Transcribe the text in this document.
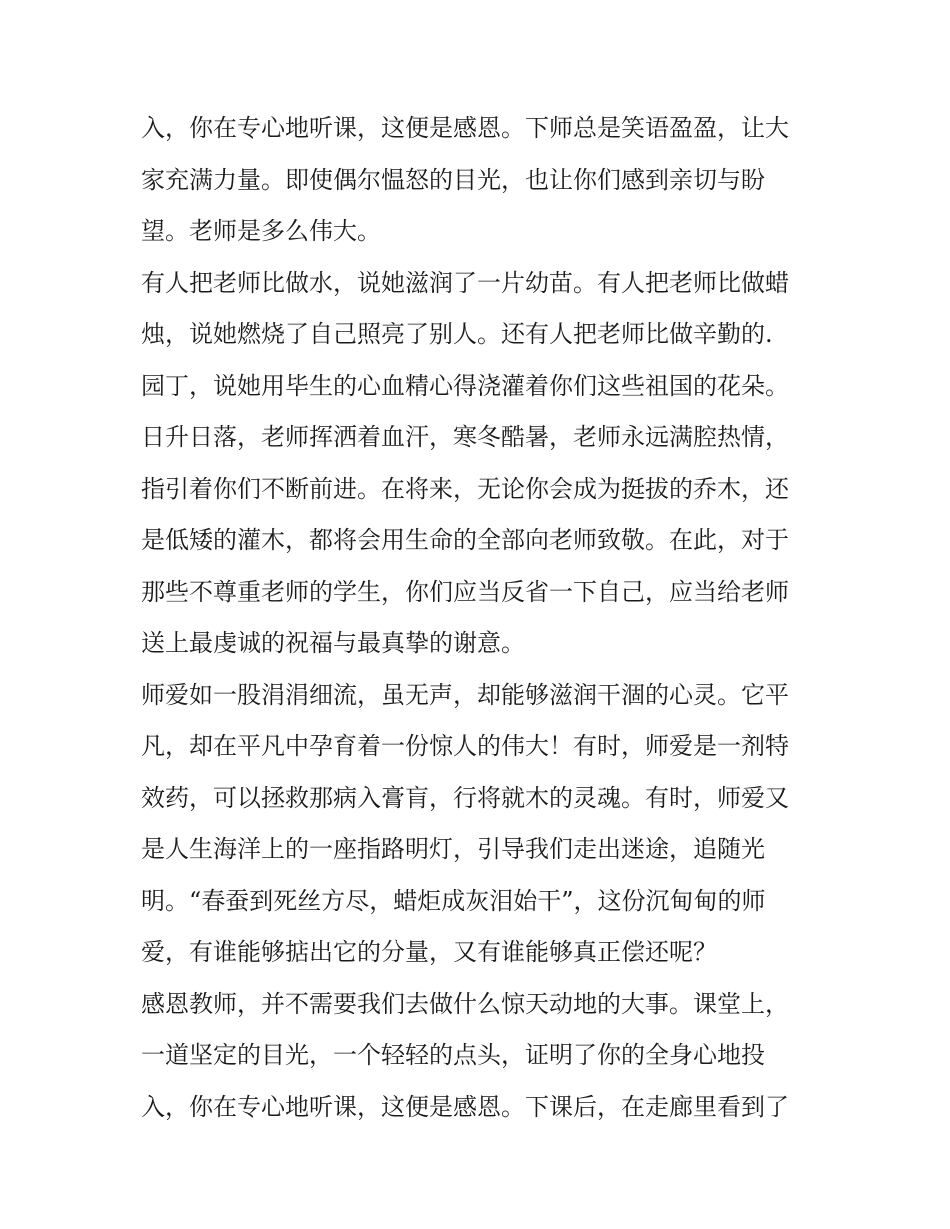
入，你在专心地听课，这便是感恩。下师总是笑语盈盈，让大
家充满力量。即使偶尔愠怒的目光，也让你们感到亲切与盼
望。老师是多么伟大。
有人把老师比做水，说她滋润了一片幼苗。有人把老师比做蜡
烛，说她燃烧了自己照亮了别人。还有人把老师比做辛勤的.
园丁，说她用毕生的心血精心得浇灌着你们这些祖国的花朵。
日升日落，老师挥洒着血汗，寒冬酷暑，老师永远满腔热情，
指引着你们不断前进。在将来，无论你会成为挺拔的乔木，还
是低矮的灌木，都将会用生命的全部向老师致敬。在此，对于
那些不尊重老师的学生，你们应当反省一下自己，应当给老师
送上最虔诚的祝福与最真挚的谢意。
师爱如一股涓涓细流，虽无声，却能够滋润干涸的心灵。它平
凡，却在平凡中孕育着一份惊人的伟大！有时，师爱是一剂特
效药，可以拯救那病入膏肓，行将就木的灵魂。有时，师爱又
是人生海洋上的一座指路明灯，引导我们走出迷途，追随光
明。“春蚕到死丝方尽，蜡炬成灰泪始干”，这份沉甸甸的师
爱，有谁能够掂出它的分量，又有谁能够真正偿还呢？
感恩教师，并不需要我们去做什么惊天动地的大事。课堂上，
一道坚定的目光，一个轻轻的点头，证明了你的全身心地投
入，你在专心地听课，这便是感恩。下课后，在走廊里看到了
